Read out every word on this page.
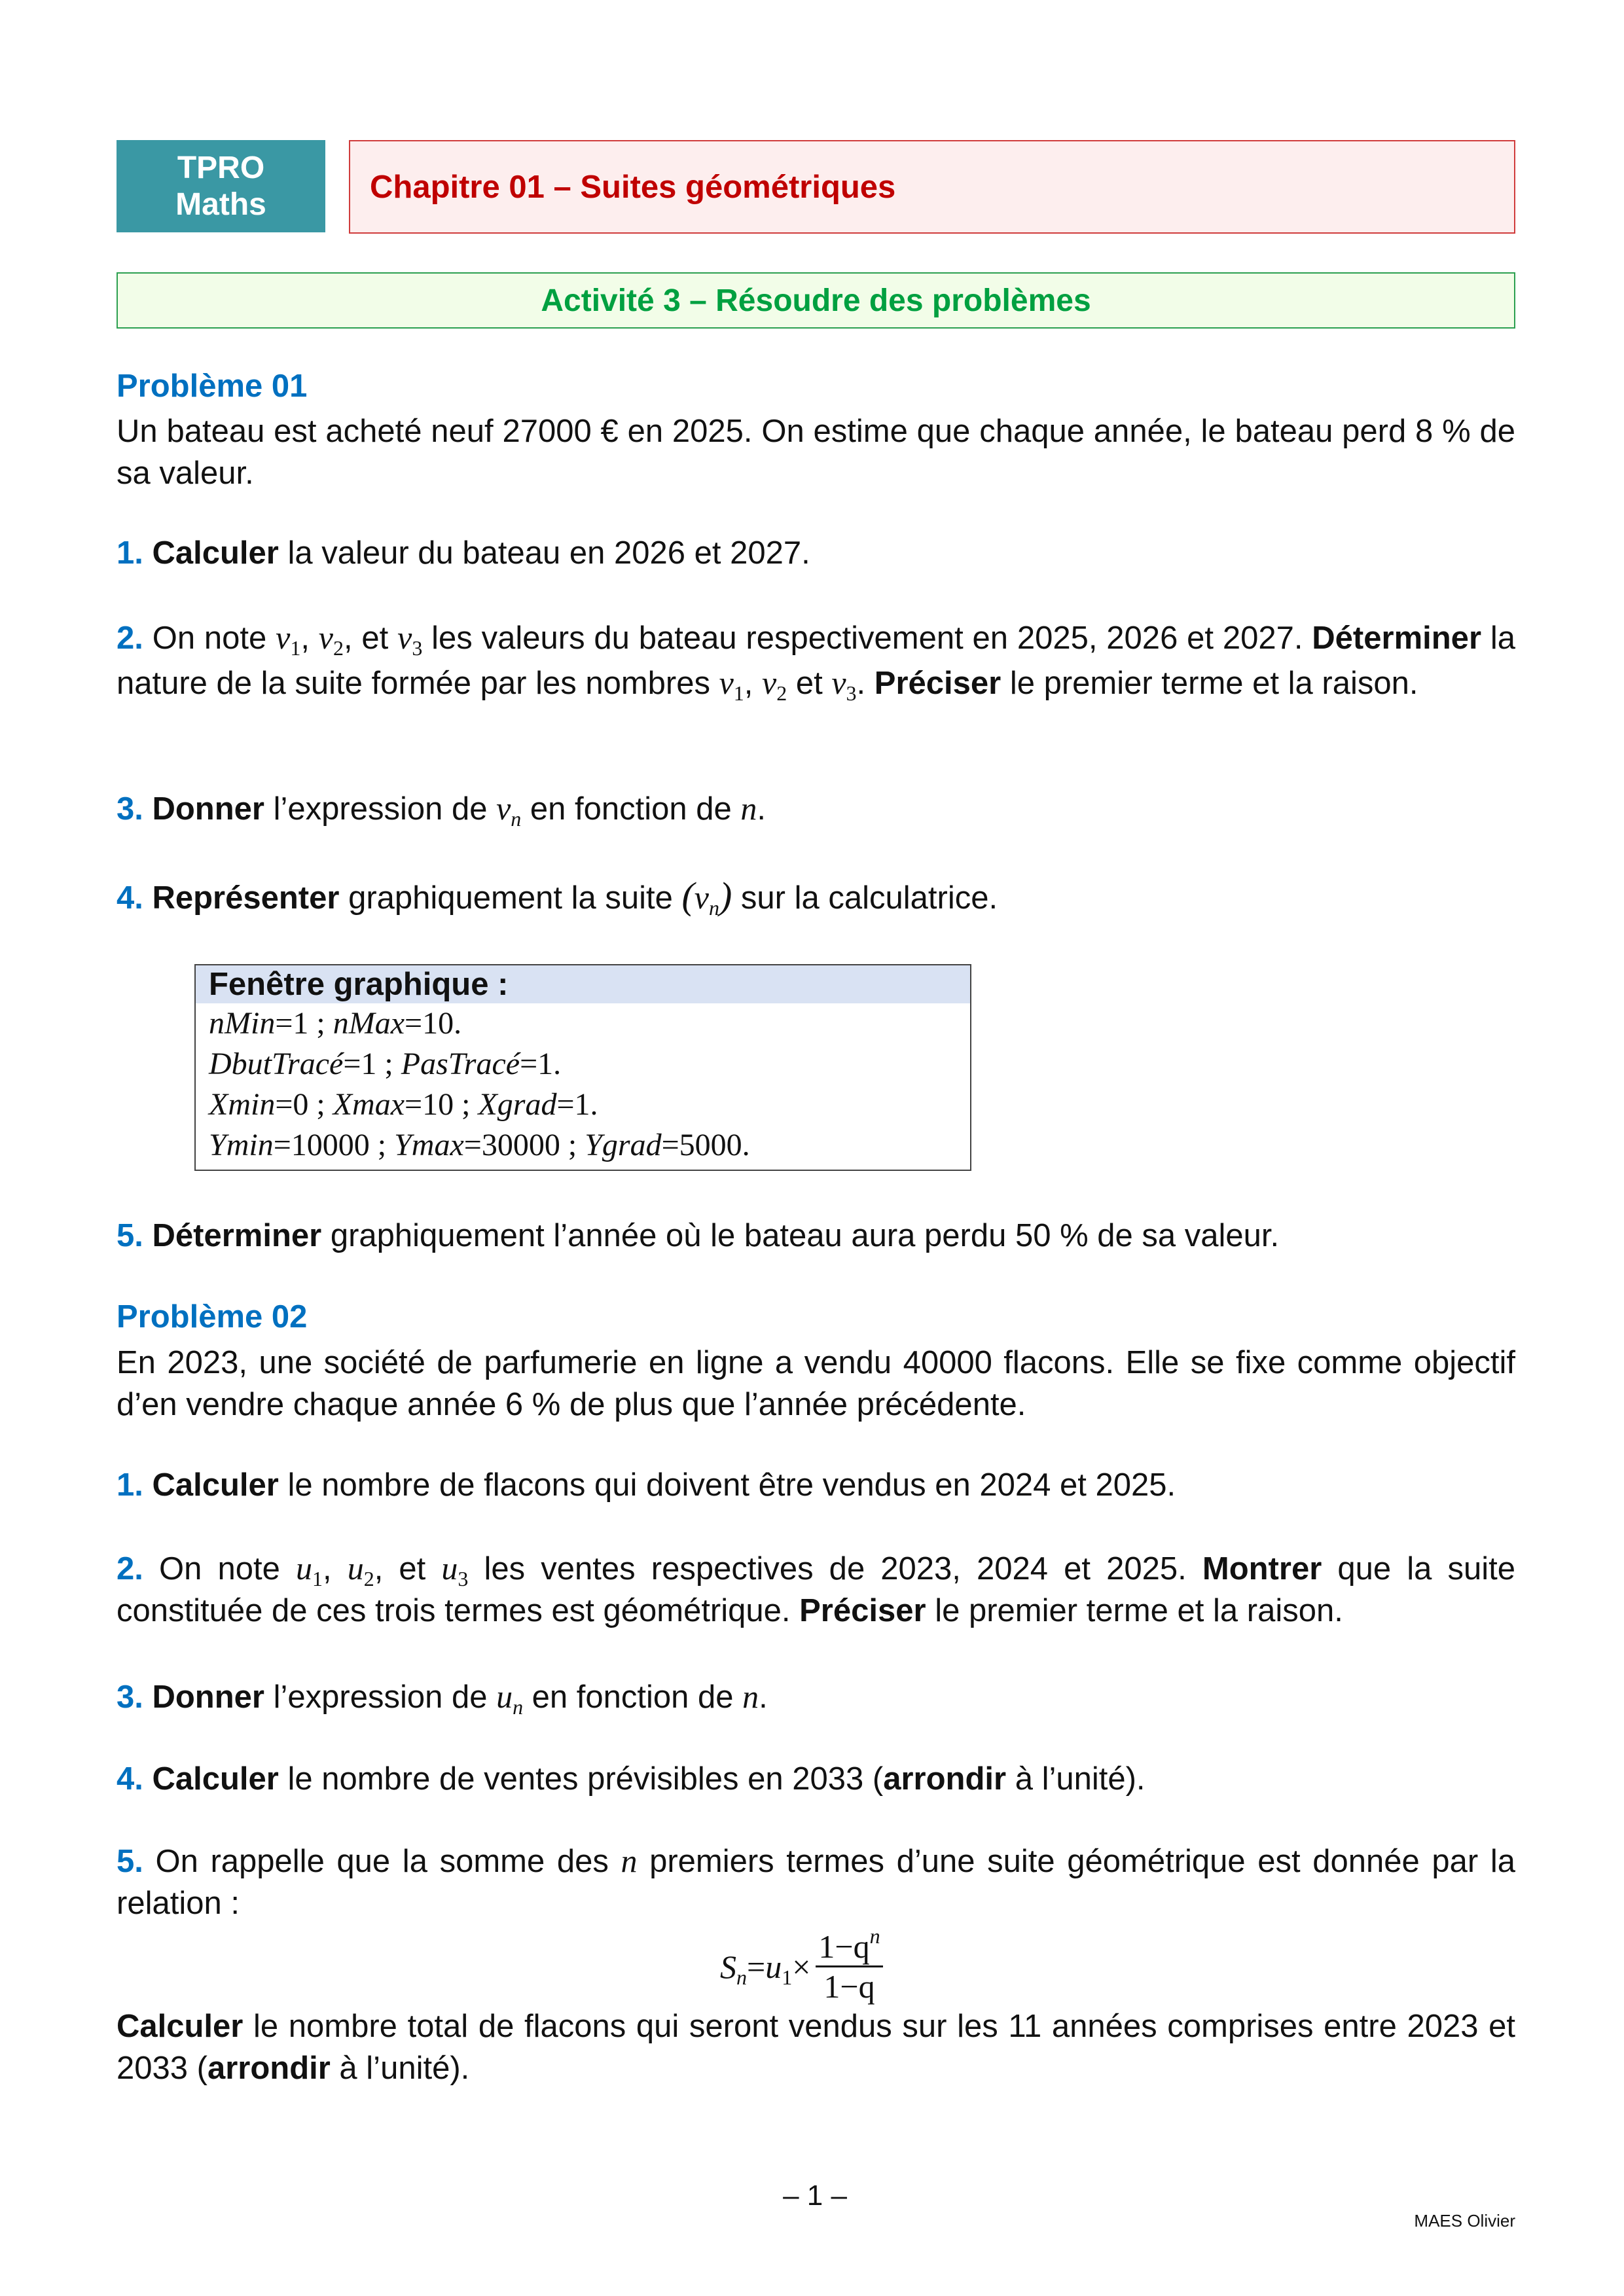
TPRO
Maths	Chapitre 01 – Suites géométriques
Activité 3 – Résoudre des problèmes
Problème 01
Un bateau est acheté neuf 27000 € en 2025. On estime que chaque année, le bateau perd 8 % de sa valeur.
1. Calculer la valeur du bateau en 2026 et 2027.
2. On note $v_1$, $v_2$, et $v_3$ les valeurs du bateau respectivement en 2025, 2026 et 2027. Déterminer la nature de la suite formée par les nombres $v_1$, $v_2$ et $v_3$. Préciser le premier terme et la raison.
3. Donner l’expression de $v_n$ en fonction de n.
4. Représenter graphiquement la suite $(v_n)$ sur la calculatrice.
Fenêtre graphique :
nMin=1 ; nMax=10.
DbutTracé=1 ; PasTracé=1.
Xmin=0 ; Xmax=10 ; Xgrad=1.
Ymin=10000 ; Ymax=30000 ; Ygrad=5000.
5. Déterminer graphiquement l’année où le bateau aura perdu 50 % de sa valeur.
Problème 02
En 2023, une société de parfumerie en ligne a vendu 40000 flacons. Elle se fixe comme objectif d’en vendre chaque année 6 % de plus que l’année précédente.
1. Calculer le nombre de flacons qui doivent être vendus en 2024 et 2025.
2. On note $u_1$, $u_2$, et $u_3$ les ventes respectives de 2023, 2024 et 2025. Montrer que la suite constituée de ces trois termes est géométrique. Préciser le premier terme et la raison.
3. Donner l’expression de $u_n$ en fonction de n.
4. Calculer le nombre de ventes prévisibles en 2033 (arrondir à l’unité).
5. On rappelle que la somme des n premiers termes d’une suite géométrique est donnée par la relation :
$S_n = u_1 \times \frac{1-q^n}{1-q}$
Calculer le nombre total de flacons qui seront vendus sur les 11 années comprises entre 2023 et 2033 (arrondir à l’unité).
– 1 –
MAES Olivier
